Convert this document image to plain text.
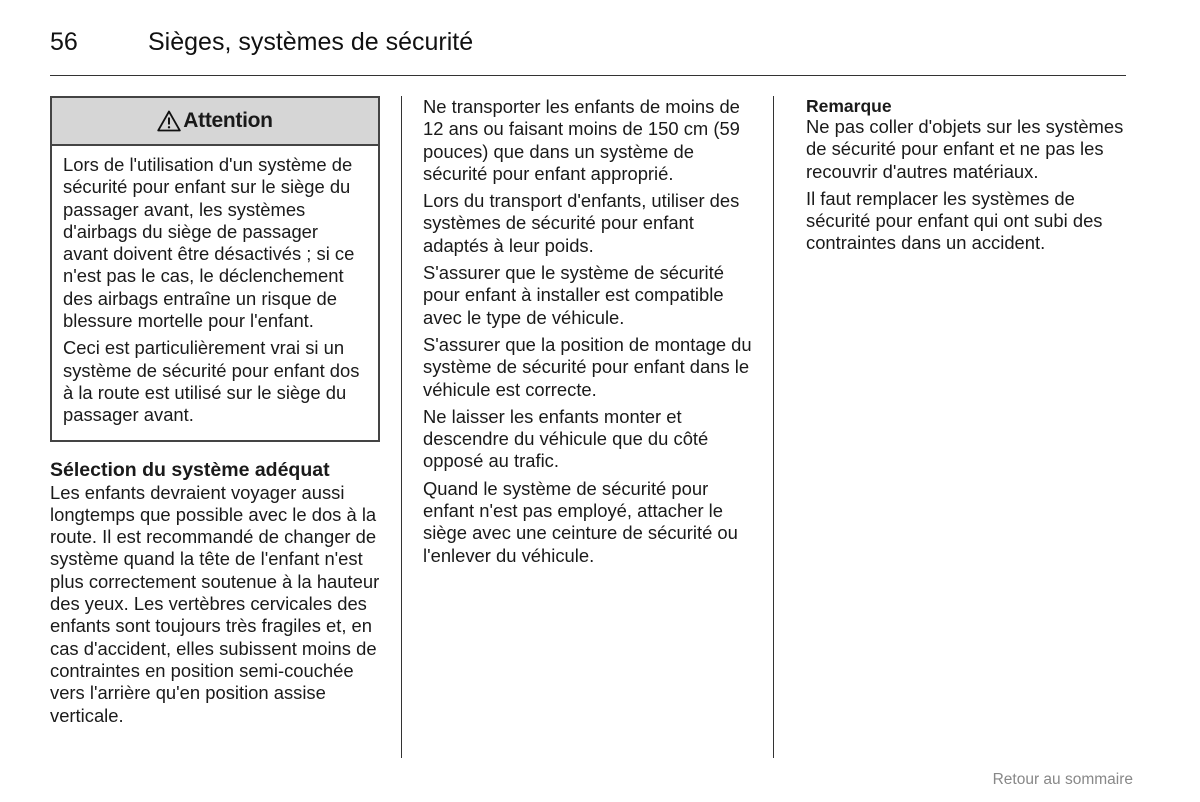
56	Sièges, systèmes de sécurité
Attention

Lors de l'utilisation d'un système de sécurité pour enfant sur le siège du passager avant, les systèmes d'airbags du siège de passager avant doivent être désactivés ; si ce n'est pas le cas, le déclenchement des airbags entraîne un risque de blessure mortelle pour l'enfant.

Ceci est particulièrement vrai si un système de sécurité pour enfant dos à la route est utilisé sur le siège du passager avant.

Sélection du système adéquat

Les enfants devraient voyager aussi longtemps que possible avec le dos à la route. Il est recommandé de changer de système quand la tête de l'enfant n'est plus correctement soutenue à la hauteur des yeux. Les vertèbres cervicales des enfants sont toujours très fragiles et, en cas d'accident, elles subissent moins de contraintes en position semi-couchée vers l'arrière qu'en position assise verticale.

Ne transporter les enfants de moins de 12 ans ou faisant moins de 150 cm (59 pouces) que dans un système de sécurité pour enfant approprié.

Lors du transport d'enfants, utiliser des systèmes de sécurité pour enfant adaptés à leur poids.

S'assurer que le système de sécurité pour enfant à installer est compatible avec le type de véhicule.

S'assurer que la position de montage du système de sécurité pour enfant dans le véhicule est correcte.

Ne laisser les enfants monter et descendre du véhicule que du côté opposé au trafic.

Quand le système de sécurité pour enfant n'est pas employé, attacher le siège avec une ceinture de sécurité ou l'enlever du véhicule.

Remarque

Ne pas coller d'objets sur les systèmes de sécurité pour enfant et ne pas les recouvrir d'autres matériaux.

Il faut remplacer les systèmes de sécurité pour enfant qui ont subi des contraintes dans un accident.

Retour au sommaire
